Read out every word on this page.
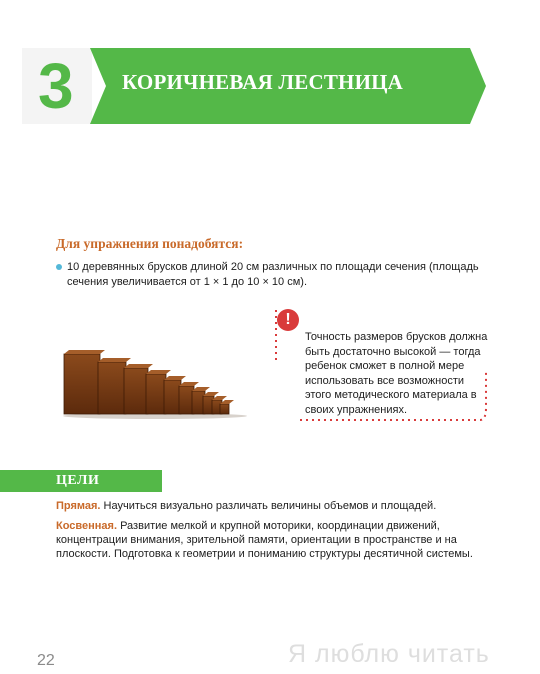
3	КОРИЧНЕВАЯ ЛЕСТНИЦА
Для упражнения понадобятся:
10 деревянных брусков длиной 20 см различных по площади сечения (площадь сечения увеличивается от 1 × 1 до 10 × 10 см).
!
Точность размеров брусков должна быть достаточно высокой — тогда ребенок сможет в полной мере использовать все возможности этого методического материала в своих упражнениях.
ЦЕЛИ
Прямая. Научиться визуально различать величины объемов и площадей.
Косвенная. Развитие мелкой и крупной моторики, координации движений, концентрации внимания, зрительной памяти, ориентации в пространстве и на плоскости. Подготовка к геометрии и пониманию структуры десятичной системы.
22	Я люблю читать
